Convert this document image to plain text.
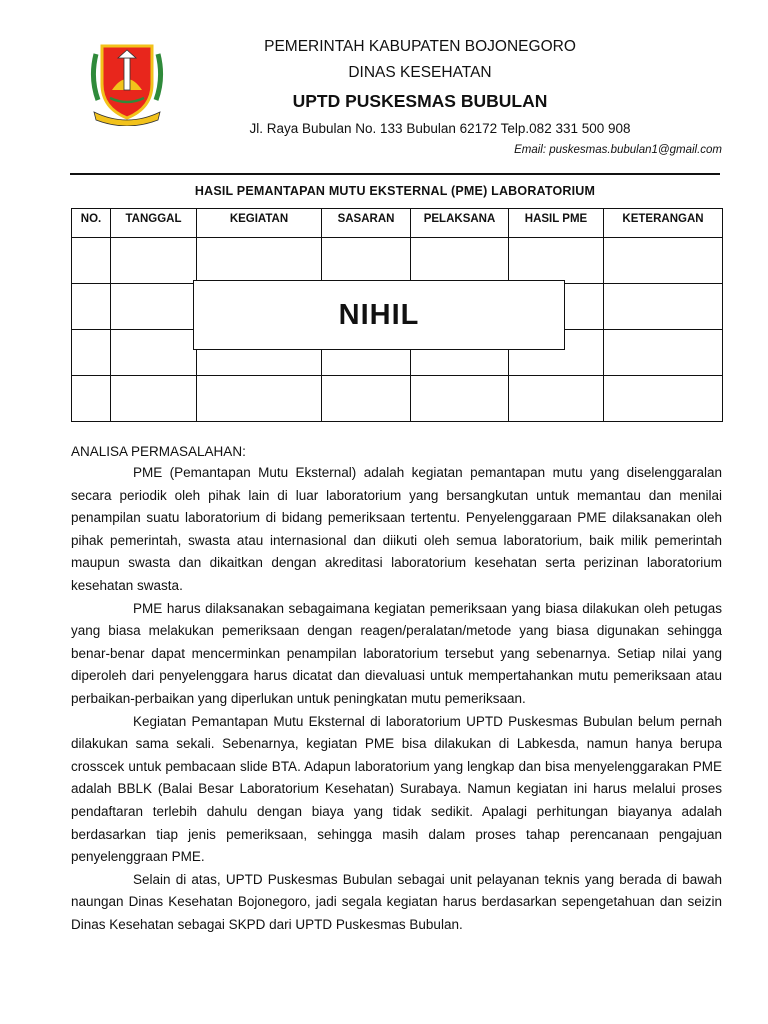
PEMERINTAH KABUPATEN BOJONEGORO
DINAS KESEHATAN
UPTD PUSKESMAS BUBULAN
Jl. Raya Bubulan No. 133 Bubulan 62172 Telp.082 331 500 908
Email: puskesmas.bubulan1@gmail.com
HASIL PEMANTAPAN MUTU EKSTERNAL (PME) LABORATORIUM
NO.	TANGGAL	KEGIATAN	SASARAN	PELAKSANA	HASIL PME	KETERANGAN

NIHIL
ANALISA PERMASALAHAN:

PME (Pemantapan Mutu Eksternal) adalah kegiatan pemantapan mutu yang diselenggaralan secara periodik oleh pihak lain di luar laboratorium yang bersangkutan untuk memantau dan menilai penampilan suatu laboratorium di bidang pemeriksaan tertentu. Penyelenggaraan PME dilaksanakan oleh pihak pemerintah, swasta atau internasional dan diikuti oleh semua laboratorium, baik milik pemerintah maupun swasta dan dikaitkan dengan akreditasi laboratorium kesehatan serta perizinan laboratorium kesehatan swasta.

PME harus dilaksanakan sebagaimana kegiatan pemeriksaan yang biasa dilakukan oleh petugas yang biasa melakukan pemeriksaan dengan reagen/peralatan/metode yang biasa digunakan sehingga benar-benar dapat mencerminkan penampilan laboratorium tersebut yang sebenarnya. Setiap nilai yang diperoleh dari penyelenggara harus dicatat dan dievaluasi untuk mempertahankan mutu pemeriksaan atau perbaikan-perbaikan yang diperlukan untuk peningkatan mutu pemeriksaan.

Kegiatan Pemantapan Mutu Eksternal di laboratorium UPTD Puskesmas Bubulan belum pernah dilakukan sama sekali. Sebenarnya, kegiatan PME bisa dilakukan di Labkesda, namun hanya berupa crosscek untuk pembacaan slide BTA. Adapun laboratorium yang lengkap dan bisa menyelenggarakan PME adalah BBLK (Balai Besar Laboratorium Kesehatan) Surabaya. Namun kegiatan ini harus melalui proses pendaftaran terlebih dahulu dengan biaya yang tidak sedikit. Apalagi perhitungan biayanya adalah berdasarkan tiap jenis pemeriksaan, sehingga masih dalam proses tahap perencanaan pengajuan penyelenggraan PME.

Selain di atas, UPTD Puskesmas Bubulan sebagai unit pelayanan teknis yang berada di bawah naungan Dinas Kesehatan Bojonegoro, jadi segala kegiatan harus berdasarkan sepengetahuan dan seizin Dinas Kesehatan sebagai SKPD dari UPTD Puskesmas Bubulan.
